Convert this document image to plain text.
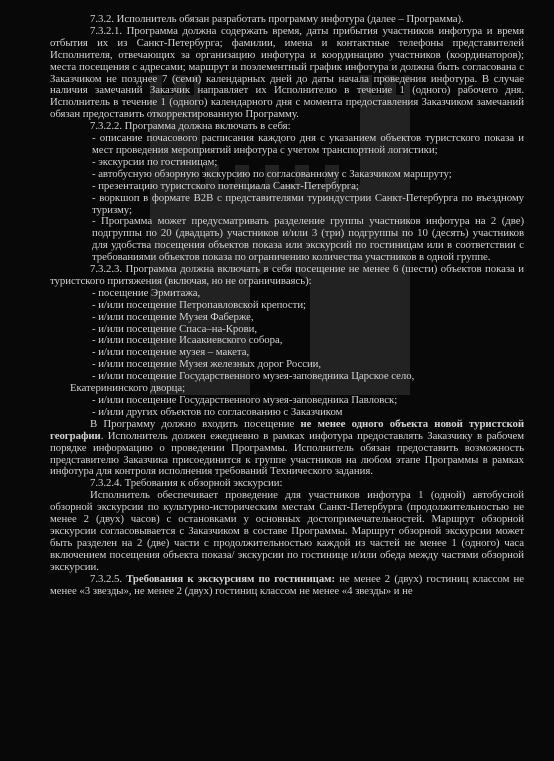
7.3.2. Исполнитель обязан разработать программу инфотура (далее – Программа).

7.3.2.1. Программа должна содержать время, даты прибытия участников инфотура и время отбытия их из Санкт-Петербурга; фамилии, имена и контактные телефоны представителей Исполнителя, отвечающих за организацию инфотура и координацию участников (координаторов); места посещения с адресами; маршрут и поэлементный график инфотура и должна быть согласована с Заказчиком не позднее 7 (семи) календарных дней до даты начала проведения инфотура. В случае наличия замечаний Заказчик направляет их Исполнителю в течение 1 (одного) рабочего дня. Исполнитель в течение 1 (одного) календарного дня с момента предоставления Заказчиком замечаний обязан предоставить откорректированную Программу.

7.3.2.2. Программа должна включать в себя:

- описание почасового расписания каждого дня с указанием объектов туристского показа и мест проведения мероприятий инфотура с учетом транспортной логистики;

- экскурсии по гостиницам;

- автобусную обзорную экскурсию по согласованному с Заказчиком маршруту;

- презентацию туристского потенциала Санкт-Петербурга;

- воркшоп в формате B2B с представителями туриндустрии Санкт-Петербурга по въездному туризму;

- Программа может предусматривать разделение группы участников инфотура на 2 (две) подгруппы по 20 (двадцать) участников и/или 3 (три) подгруппы по 10 (десять) участников для удобства посещения объектов показа или экскурсий по гостиницам или в соответствии с требованиями объектов показа по ограничению количества участников в одной группе.

7.3.2.3. Программа должна включать в себя посещение не менее 6 (шести) объектов показа и туристского притяжения (включая, но не ограничиваясь):

- посещение Эрмитажа,

- и/или посещение Петропавловской крепости;

- и/или посещение Музея Фаберже,

- и/или посещение Спаса–на-Крови,

- и/или посещение Исаакиевского собора,

- и/или посещение музея – макета,

- и/или посещение Музея железных дорог России,

- и/или посещение Государственного музея-заповедника Царское село,

Екатерининского дворца;

- и/или посещение Государственного музея-заповедника Павловск;

- и/или других объектов по согласованию с Заказчиком

В Программу должно входить посещение не менее одного объекта новой туристской географии. Исполнитель должен ежедневно в рамках инфотура предоставлять Заказчику в рабочем порядке информацию о проведении Программы. Исполнитель обязан предоставить возможность представителю Заказчика присоединится к группе участников на любом этапе Программы в рамках инфотура для контроля исполнения требований Технического задания.

7.3.2.4. Требования к обзорной экскурсии:

Исполнитель обеспечивает проведение для участников инфотура 1 (одной) автобусной обзорной экскурсии по культурно-историческим местам Санкт-Петербурга (продолжительностью не менее 2 (двух) часов) с остановками у основных достопримечательностей. Маршрут обзорной экскурсии согласовывается с Заказчиком в составе Программы. Маршрут обзорной экскурсии может быть разделен на 2 (две) части с продолжительностью каждой из частей не менее 1 (одного) часа включением посещения объекта показа/ экскурсии по гостинице и/или обеда между частями обзорной экскурсии.

7.3.2.5. Требования к экскурсиям по гостиницам: не менее 2 (двух) гостиниц классом не менее «3 звезды», не менее 2 (двух) гостиниц классом не менее «4 звезды» и не
